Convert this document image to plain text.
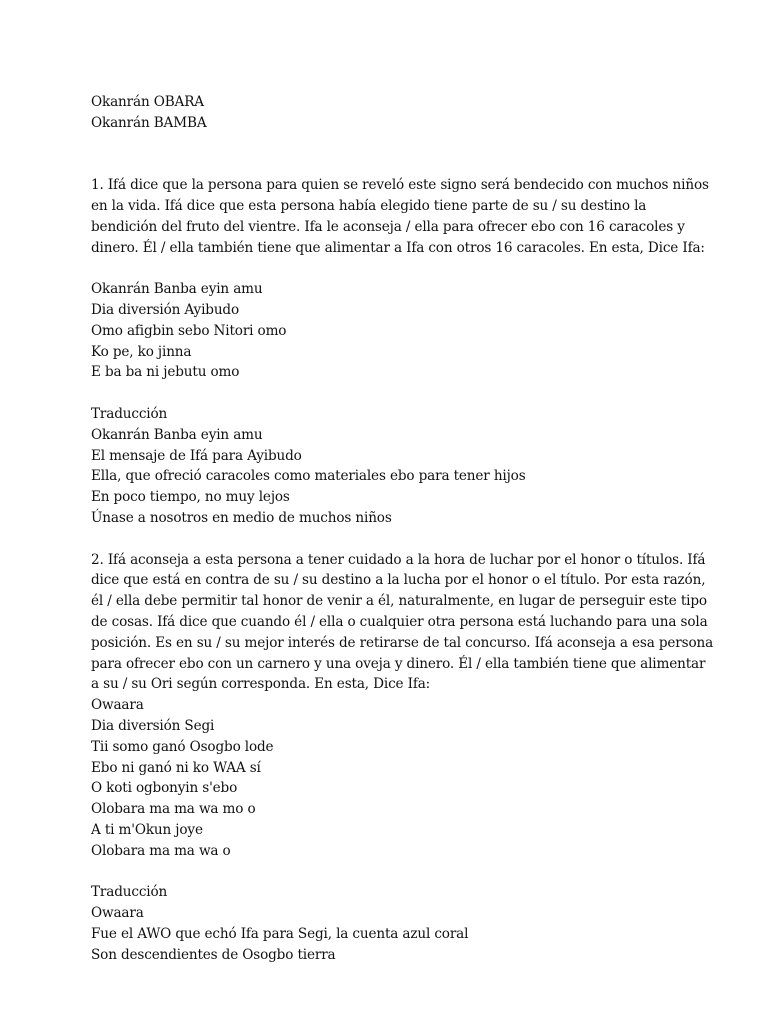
Okanrán OBARA
Okanrán BAMBA
1. Ifá dice que la persona para quien se reveló este signo será bendecido con muchos niños
en la vida. Ifá dice que esta persona había elegido tiene parte de su / su destino la
bendición del fruto del vientre. Ifa le aconseja / ella para ofrecer ebo con 16 caracoles y
dinero. Él / ella también tiene que alimentar a Ifa con otros 16 caracoles. En esta, Dice Ifa:
Okanrán Banba eyin amu
Dia diversión Ayibudo
Omo afigbin sebo Nitori omo
Ko pe, ko jinna
E ba ba ni jebutu omo
Traducción
Okanrán Banba eyin amu
El mensaje de Ifá para Ayibudo
Ella, que ofreció caracoles como materiales ebo para tener hijos
En poco tiempo, no muy lejos
Únase a nosotros en medio de muchos niños
2. Ifá aconseja a esta persona a tener cuidado a la hora de luchar por el honor o títulos. Ifá
dice que está en contra de su / su destino a la lucha por el honor o el título. Por esta razón,
él / ella debe permitir tal honor de venir a él, naturalmente, en lugar de perseguir este tipo
de cosas. Ifá dice que cuando él / ella o cualquier otra persona está luchando para una sola
posición. Es en su / su mejor interés de retirarse de tal concurso. Ifá aconseja a esa persona
para ofrecer ebo con un carnero y una oveja y dinero. Él / ella también tiene que alimentar
a su / su Ori según corresponda. En esta, Dice Ifa:
Owaara
Dia diversión Segi
Tii somo ganó Osogbo lode
Ebo ni ganó ni ko WAA sí
O koti ogbonyin s'ebo
Olobara ma ma wa mo o
A ti m'Okun joye
Olobara ma ma wa o
Traducción
Owaara
Fue el AWO que echó Ifa para Segi, la cuenta azul coral
Son descendientes de Osogbo tierra
